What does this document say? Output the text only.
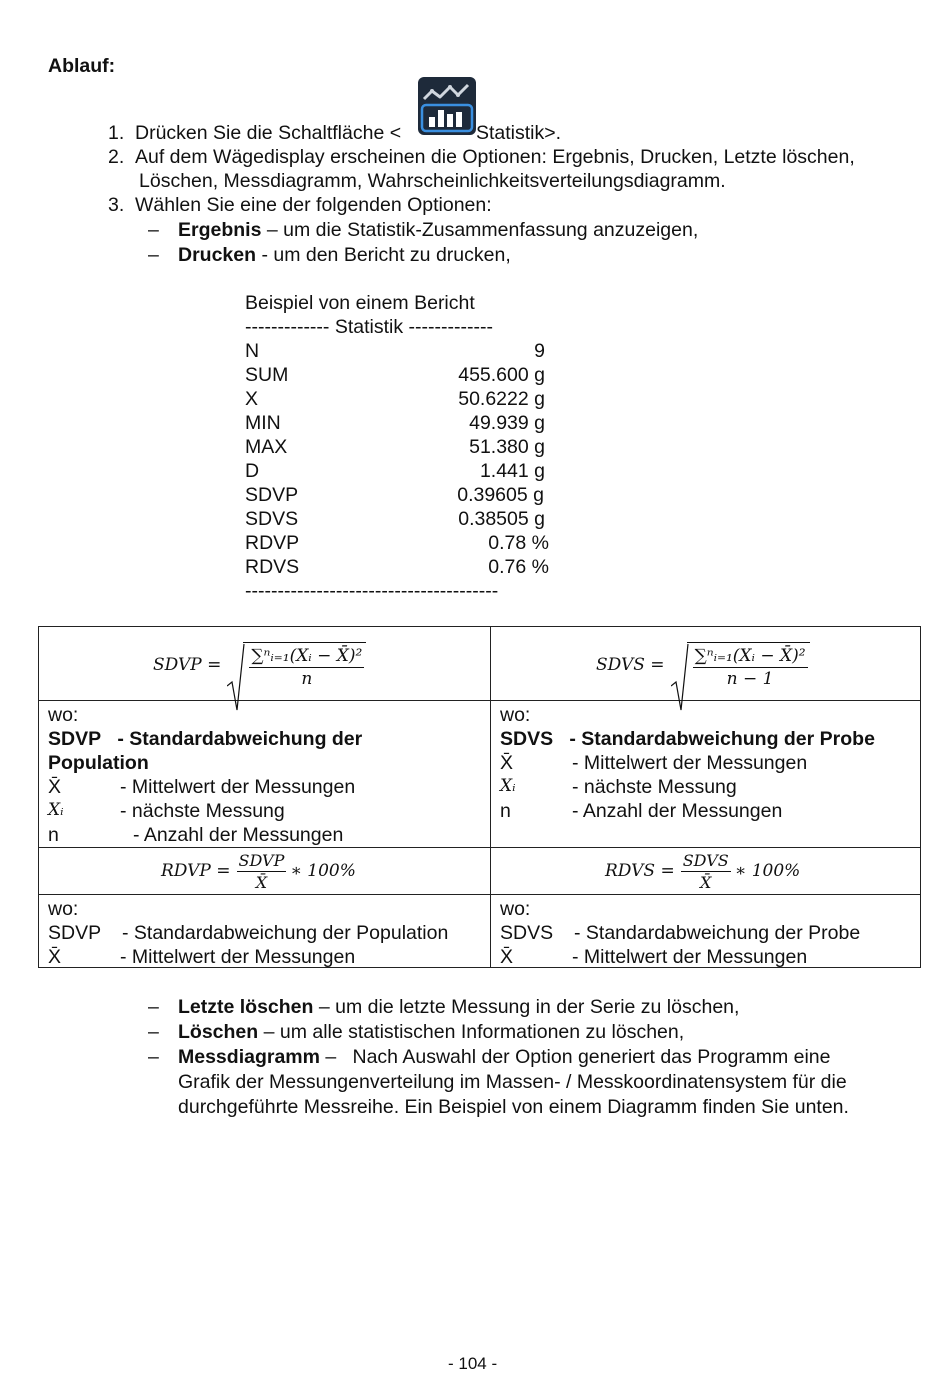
Ablauf:
1. Drücken Sie die Schaltfläche <	Statistik>.
2. Auf dem Wägedisplay erscheinen die Optionen: Ergebnis, Drucken, Letzte löschen,
Löschen, Messdiagramm, Wahrscheinlichkeitsverteilungsdiagramm.
3. Wählen Sie eine der folgenden Optionen:
– Ergebnis – um die Statistik-Zusammenfassung anzuzeigen,
– Drucken - um den Bericht zu drucken,
Beispiel von einem Bericht
------------- Statistik -------------
N	9
SUM	455.600 g
X	50.6222 g
MIN	49.939 g
MAX	51.380 g
D	1.441 g
SDVP	0.39605 g
SDVS	0.38505 g
RDVP	0.78 %
RDVS	0.76 %
---------------------------------------
SDVP = $\frac{\text{∑ⁿᵢ₌₁(Xᵢ − X̄)²}}{n}$	SDVS = $\frac{\text{∑ⁿᵢ₌₁(Xᵢ − X̄)²}}{n - 1}$
wo:
SDVP - Standardabweichung der
Population
X̄	- Mittelwert der Messungen
Xᵢ	- nächste Messung
n	- Anzahl der Messungen
wo:
SDVS - Standardabweichung der Probe
X̄	- Mittelwert der Messungen
Xᵢ	- nächste Messung
n	- Anzahl der Messungen
RDVP = $\frac{\text{SDVP}}{X̄}$ ∗ 100%	RDVS = $\frac{\text{SDVS}}{X̄}$ ∗ 100%
wo:
SDVP - Standardabweichung der Population
X̄	- Mittelwert der Messungen
wo:
SDVS - Standardabweichung der Probe
X̄	- Mittelwert der Messungen
– Letzte löschen – um die letzte Messung in der Serie zu löschen,
– Löschen – um alle statistischen Informationen zu löschen,
– Messdiagramm –   Nach Auswahl der Option generiert das Programm eine
Grafik der Messungenverteilung im Massen- / Messkoordinatensystem für die
durchgeführte Messreihe. Ein Beispiel von einem Diagramm finden Sie unten.
- 104 -
